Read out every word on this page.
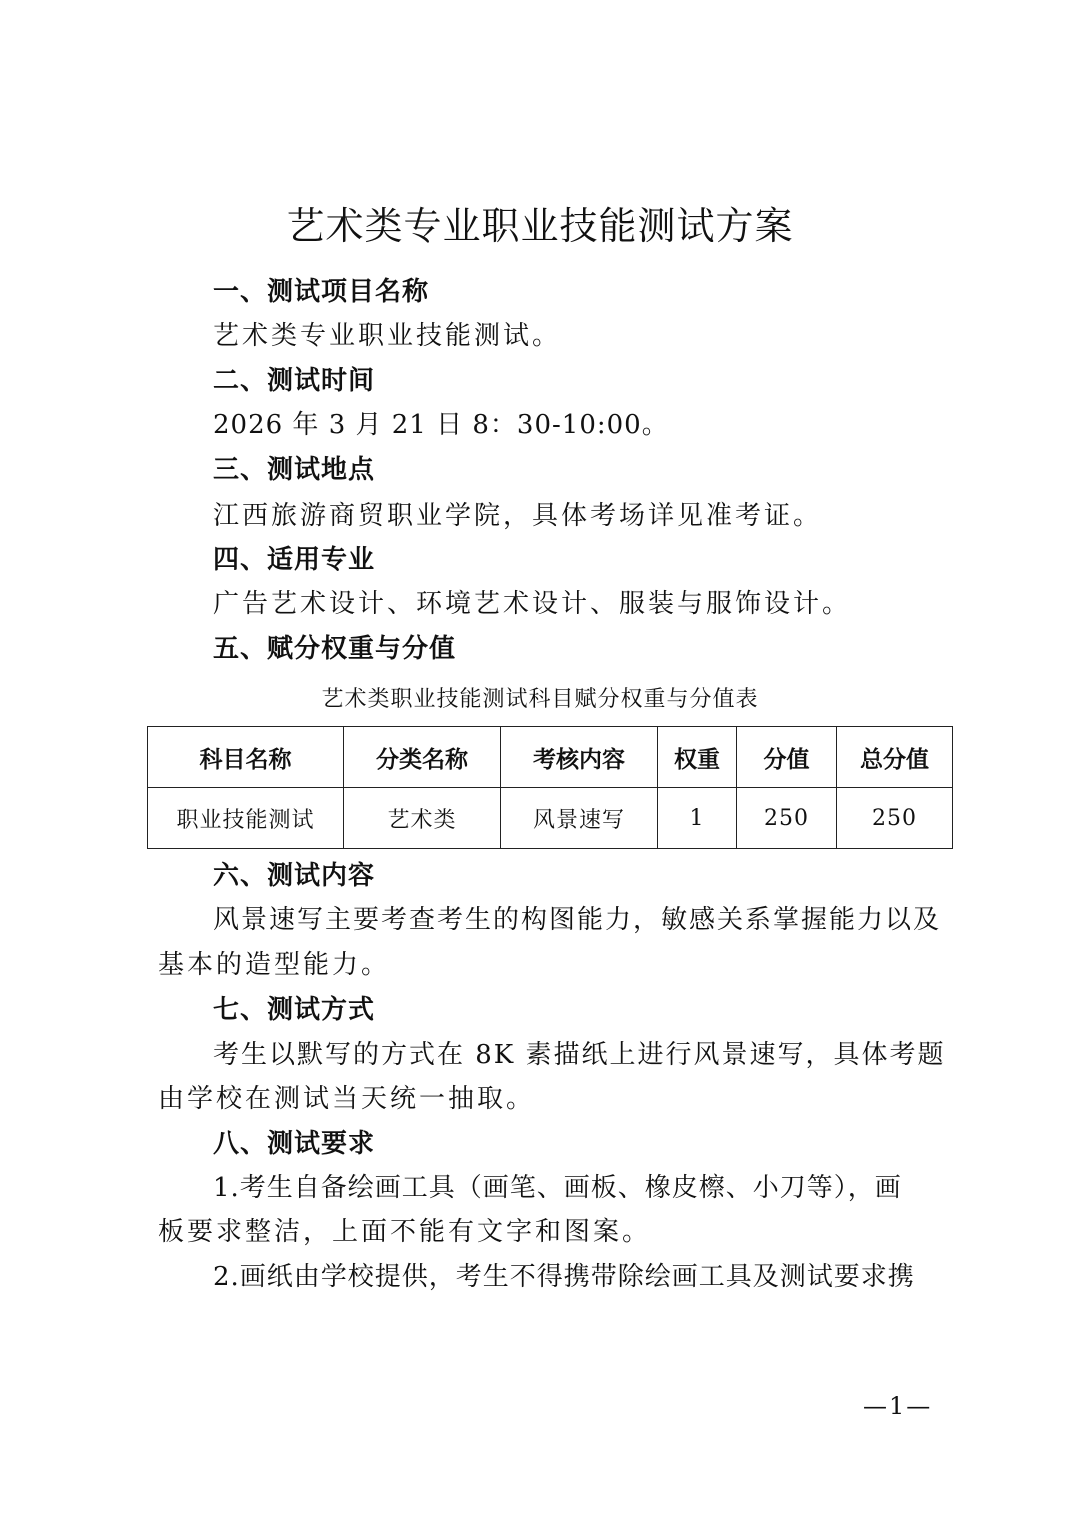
艺术类专业职业技能测试方案
一、测试项目名称
艺术类专业职业技能测试。
二、测试时间
2026 年 3 月 21 日 8：30-10:00。
三、测试地点
江西旅游商贸职业学院，具体考场详见准考证。
四、适用专业
广告艺术设计、环境艺术设计、服装与服饰设计。
五、赋分权重与分值
艺术类职业技能测试科目赋分权重与分值表
科目名称	分类名称	考核内容	权重	分值	总分值
职业技能测试	艺术类	风景速写	1	250	250
六、测试内容
风景速写主要考查考生的构图能力，敏感关系掌握能力以及
基本的造型能力。
七、测试方式
考生以默写的方式在 8K 素描纸上进行风景速写，具体考题
由学校在测试当天统一抽取。
八、测试要求
1.考生自备绘画工具（画笔、画板、橡皮檫、小刀等），画
板要求整洁，上面不能有文字和图案。
2.画纸由学校提供，考生不得携带除绘画工具及测试要求携
—1—
